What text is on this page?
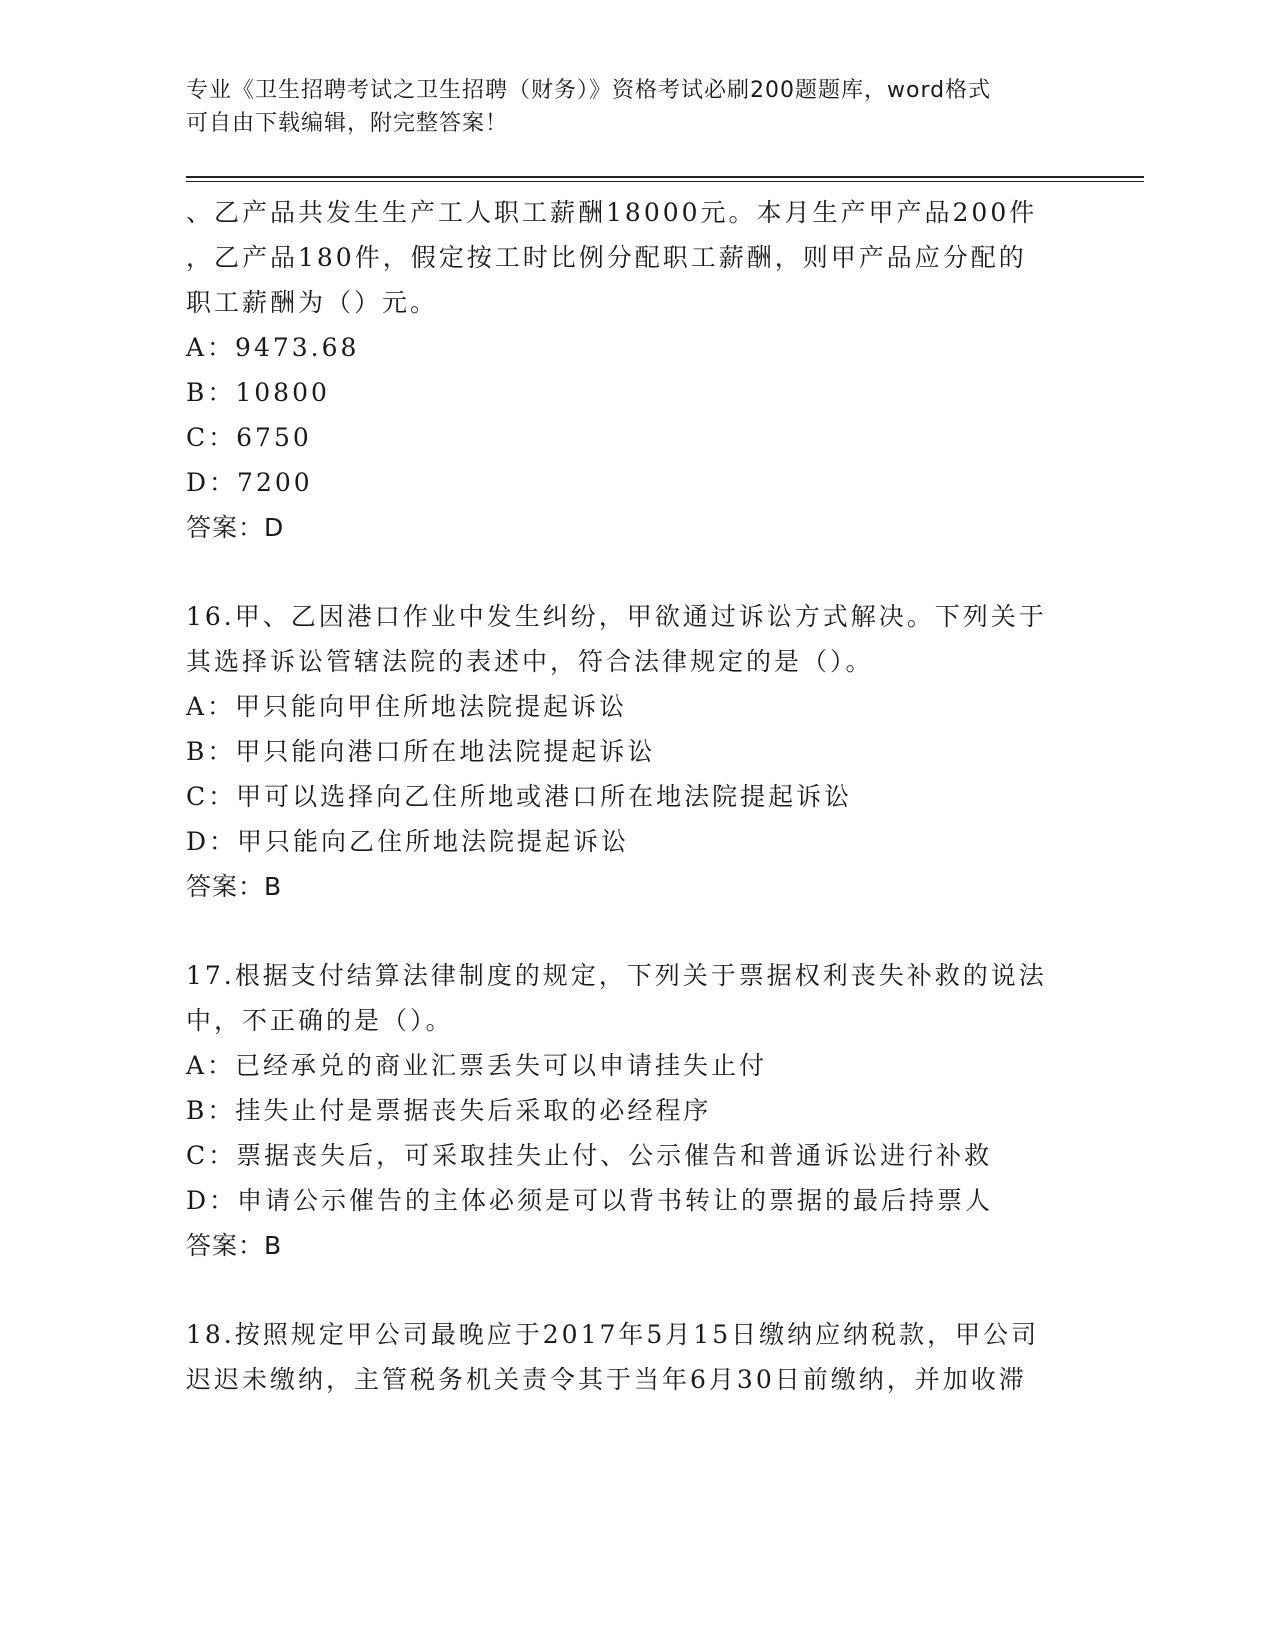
专业《卫生招聘考试之卫生招聘（财务）》资格考试必刷200题题库，word格式
可自由下载编辑，附完整答案！
、乙产品共发生生产工人职工薪酬18000元。本月生产甲产品200件
，乙产品180件，假定按工时比例分配职工薪酬，则甲产品应分配的
职工薪酬为（）元。
A：9473.68
B：10800
C：6750
D：7200
答案：D
16.甲、乙因港口作业中发生纠纷，甲欲通过诉讼方式解决。下列关于
其选择诉讼管辖法院的表述中，符合法律规定的是（）。
A：甲只能向甲住所地法院提起诉讼
B：甲只能向港口所在地法院提起诉讼
C：甲可以选择向乙住所地或港口所在地法院提起诉讼
D：甲只能向乙住所地法院提起诉讼
答案：B
17.根据支付结算法律制度的规定，下列关于票据权利丧失补救的说法
中，不正确的是（）。
A：已经承兑的商业汇票丢失可以申请挂失止付
B：挂失止付是票据丧失后采取的必经程序
C：票据丧失后，可采取挂失止付、公示催告和普通诉讼进行补救
D：申请公示催告的主体必须是可以背书转让的票据的最后持票人
答案：B
18.按照规定甲公司最晚应于2017年5月15日缴纳应纳税款，甲公司
迟迟未缴纳，主管税务机关责令其于当年6月30日前缴纳，并加收滞
